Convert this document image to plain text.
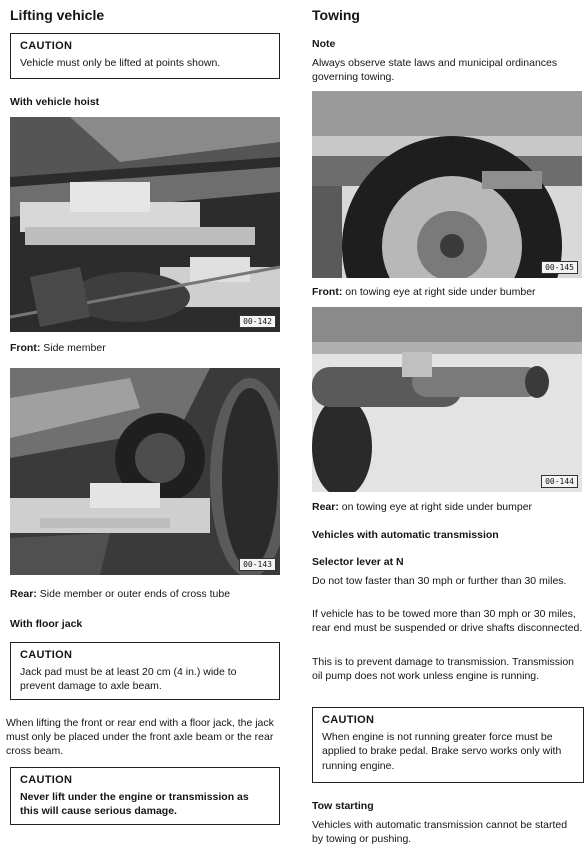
Lifting vehicle
CAUTION
Vehicle must only be lifted at points shown.
With vehicle hoist
00-142
Front: Side member
00-143
Rear: Side member or outer ends of cross tube
With floor jack
CAUTION
Jack pad must be at least 20 cm (4 in.) wide to prevent damage to axle beam.
When lifting the front or rear end with a floor jack, the jack must only be placed under the front axle beam or the rear cross beam.
CAUTION
Never lift under the engine or transmission as this will cause serious damage.
Towing
Note
Always observe state laws and municipal ordinances governing towing.
00-145
Front: on towing eye at right side under bumber
00-144
Rear: on towing eye at right side under bumper
Vehicles with automatic transmission
Selector lever at N
Do not tow faster than 30 mph or further than 30 miles.
If vehicle has to be towed more than 30 mph or 30 miles, rear end must be suspended or drive shafts disconnected.
This is to prevent damage to transmission. Transmission oil pump does not work unless engine is running.
CAUTION
When engine is not running greater force must be applied to brake pedal. Brake servo works only with running engine.
Tow starting
Vehicles with automatic transmission cannot be started by towing or pushing.
